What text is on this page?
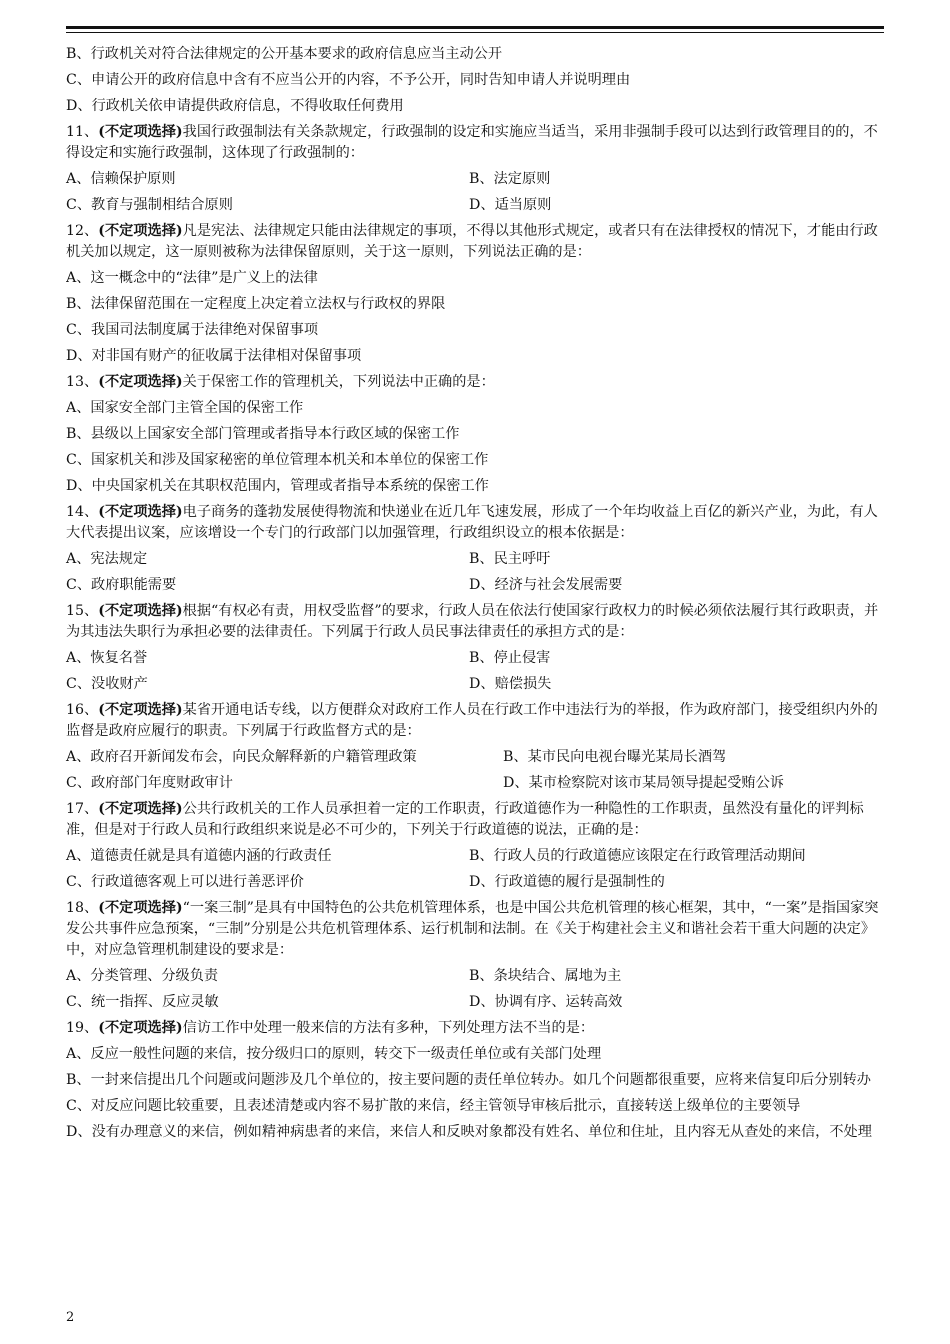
B、行政机关对符合法律规定的公开基本要求的政府信息应当主动公开
C、申请公开的政府信息中含有不应当公开的内容，不予公开，同时告知申请人并说明理由
D、行政机关依申请提供政府信息，不得收取任何费用
11、(不定项选择)我国行政强制法有关条款规定，行政强制的设定和实施应当适当，采用非强制手段可以达到行政管理目的的，不得设定和实施行政强制，这体现了行政强制的：
A、信赖保护原则	B、法定原则
C、教育与强制相结合原则	D、适当原则
12、(不定项选择)凡是宪法、法律规定只能由法律规定的事项，不得以其他形式规定，或者只有在法律授权的情况下，才能由行政机关加以规定，这一原则被称为法律保留原则，关于这一原则，下列说法正确的是：
A、这一概念中的“法律”是广义上的法律
B、法律保留范围在一定程度上决定着立法权与行政权的界限
C、我国司法制度属于法律绝对保留事项
D、对非国有财产的征收属于法律相对保留事项
13、(不定项选择)关于保密工作的管理机关，下列说法中正确的是：
A、国家安全部门主管全国的保密工作
B、县级以上国家安全部门管理或者指导本行政区域的保密工作
C、国家机关和涉及国家秘密的单位管理本机关和本单位的保密工作
D、中央国家机关在其职权范围内，管理或者指导本系统的保密工作
14、(不定项选择)电子商务的蓬勃发展使得物流和快递业在近几年飞速发展，形成了一个年均收益上百亿的新兴产业，为此，有人大代表提出议案，应该增设一个专门的行政部门以加强管理，行政组织设立的根本依据是：
A、宪法规定	B、民主呼吁
C、政府职能需要	D、经济与社会发展需要
15、(不定项选择)根据“有权必有责，用权受监督”的要求，行政人员在依法行使国家行政权力的时候必须依法履行其行政职责，并为其违法失职行为承担必要的法律责任。下列属于行政人员民事法律责任的承担方式的是：
A、恢复名誉	B、停止侵害
C、没收财产	D、赔偿损失
16、(不定项选择)某省开通电话专线，以方便群众对政府工作人员在行政工作中违法行为的举报，作为政府部门，接受组织内外的监督是政府应履行的职责。下列属于行政监督方式的是：
A、政府召开新闻发布会，向民众解释新的户籍管理政策	B、某市民向电视台曝光某局长酒驾
C、政府部门年度财政审计	D、某市检察院对该市某局领导提起受贿公诉
17、(不定项选择)公共行政机关的工作人员承担着一定的工作职责，行政道德作为一种隐性的工作职责，虽然没有量化的评判标准，但是对于行政人员和行政组织来说是必不可少的，下列关于行政道德的说法，正确的是：
A、道德责任就是具有道德内涵的行政责任	B、行政人员的行政道德应该限定在行政管理活动期间
C、行政道德客观上可以进行善恶评价	D、行政道德的履行是强制性的
18、(不定项选择)“一案三制”是具有中国特色的公共危机管理体系，也是中国公共危机管理的核心框架，其中，“一案”是指国家突发公共事件应急预案，“三制”分别是公共危机管理体系、运行机制和法制。在《关于构建社会主义和谐社会若干重大问题的决定》中，对应急管理机制建设的要求是：
A、分类管理、分级负责	B、条块结合、属地为主
C、统一指挥、反应灵敏	D、协调有序、运转高效
19、(不定项选择)信访工作中处理一般来信的方法有多种，下列处理方法不当的是：
A、反应一般性问题的来信，按分级归口的原则，转交下一级责任单位或有关部门处理
B、一封来信提出几个问题或问题涉及几个单位的，按主要问题的责任单位转办。如几个问题都很重要，应将来信复印后分别转办
C、对反应问题比较重要，且表述清楚或内容不易扩散的来信，经主管领导审核后批示，直接转送上级单位的主要领导
D、没有办理意义的来信，例如精神病患者的来信，来信人和反映对象都没有姓名、单位和住址，且内容无从查处的来信，不处理
2
